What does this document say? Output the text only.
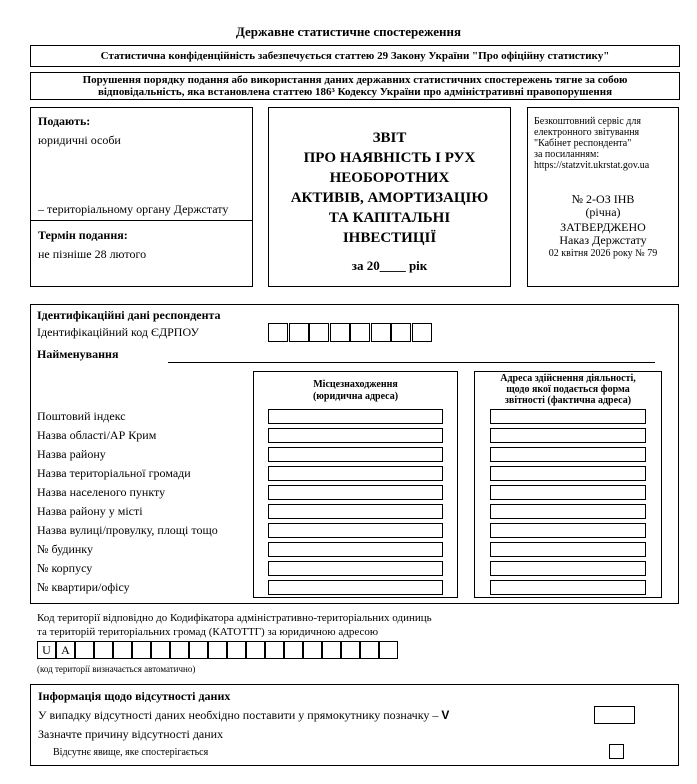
Державне статистичне спостереження
Статистична конфіденційність забезпечується статтею 29 Закону України "Про офіційну статистику"
Порушення порядку подання або використання даних державних статистичних спостережень тягне за собою
відповідальність, яка встановлена статтею 186³ Кодексу України про адміністративні правопорушення
Подають:
юридичні особи
– територіальному органу Держстату
Термін подання:
не пізніше 28 лютого
ЗВІТ
ПРО НАЯВНІСТЬ І РУХ
НЕОБОРОТНИХ
АКТИВІВ, АМОРТИЗАЦІЮ
ТА КАПІТАЛЬНІ
ІНВЕСТИЦІЇ
за 20____ рік
Безкоштовний сервіс для
електронного звітування
"Кабінет респондента"
за посиланням:
https://statzvit.ukrstat.gov.ua
№ 2-ОЗ ІНВ
(річна)
ЗАТВЕРДЖЕНО
Наказ Держстату
02 квітня 2026 року № 79
Ідентифікаційні дані респондента
Ідентифікаційний код ЄДРПОУ
Найменування
Місцезнаходження
(юридична адреса)
Адреса здійснення діяльності,
щодо якої подається форма
звітності (фактична адреса)
Поштовий індекс
Назва області/АР Крим
Назва району
Назва територіальної громади
Назва населеного пункту
Назва району у місті
Назва вулиці/провулку, площі тощо
№ будинку
№ корпусу
№ квартири/офісу
Код території відповідно до Кодифікатора адміністративно-територіальних одиниць
та територій територіальних громад (КАТОТТГ) за юридичною адресою
U A
(код території визначається автоматично)
Інформація щодо відсутності даних
У випадку відсутності даних необхідно поставити у прямокутнику позначку – V
Зазначте причину відсутності даних
Відсутнє явище, яке спостерігається
